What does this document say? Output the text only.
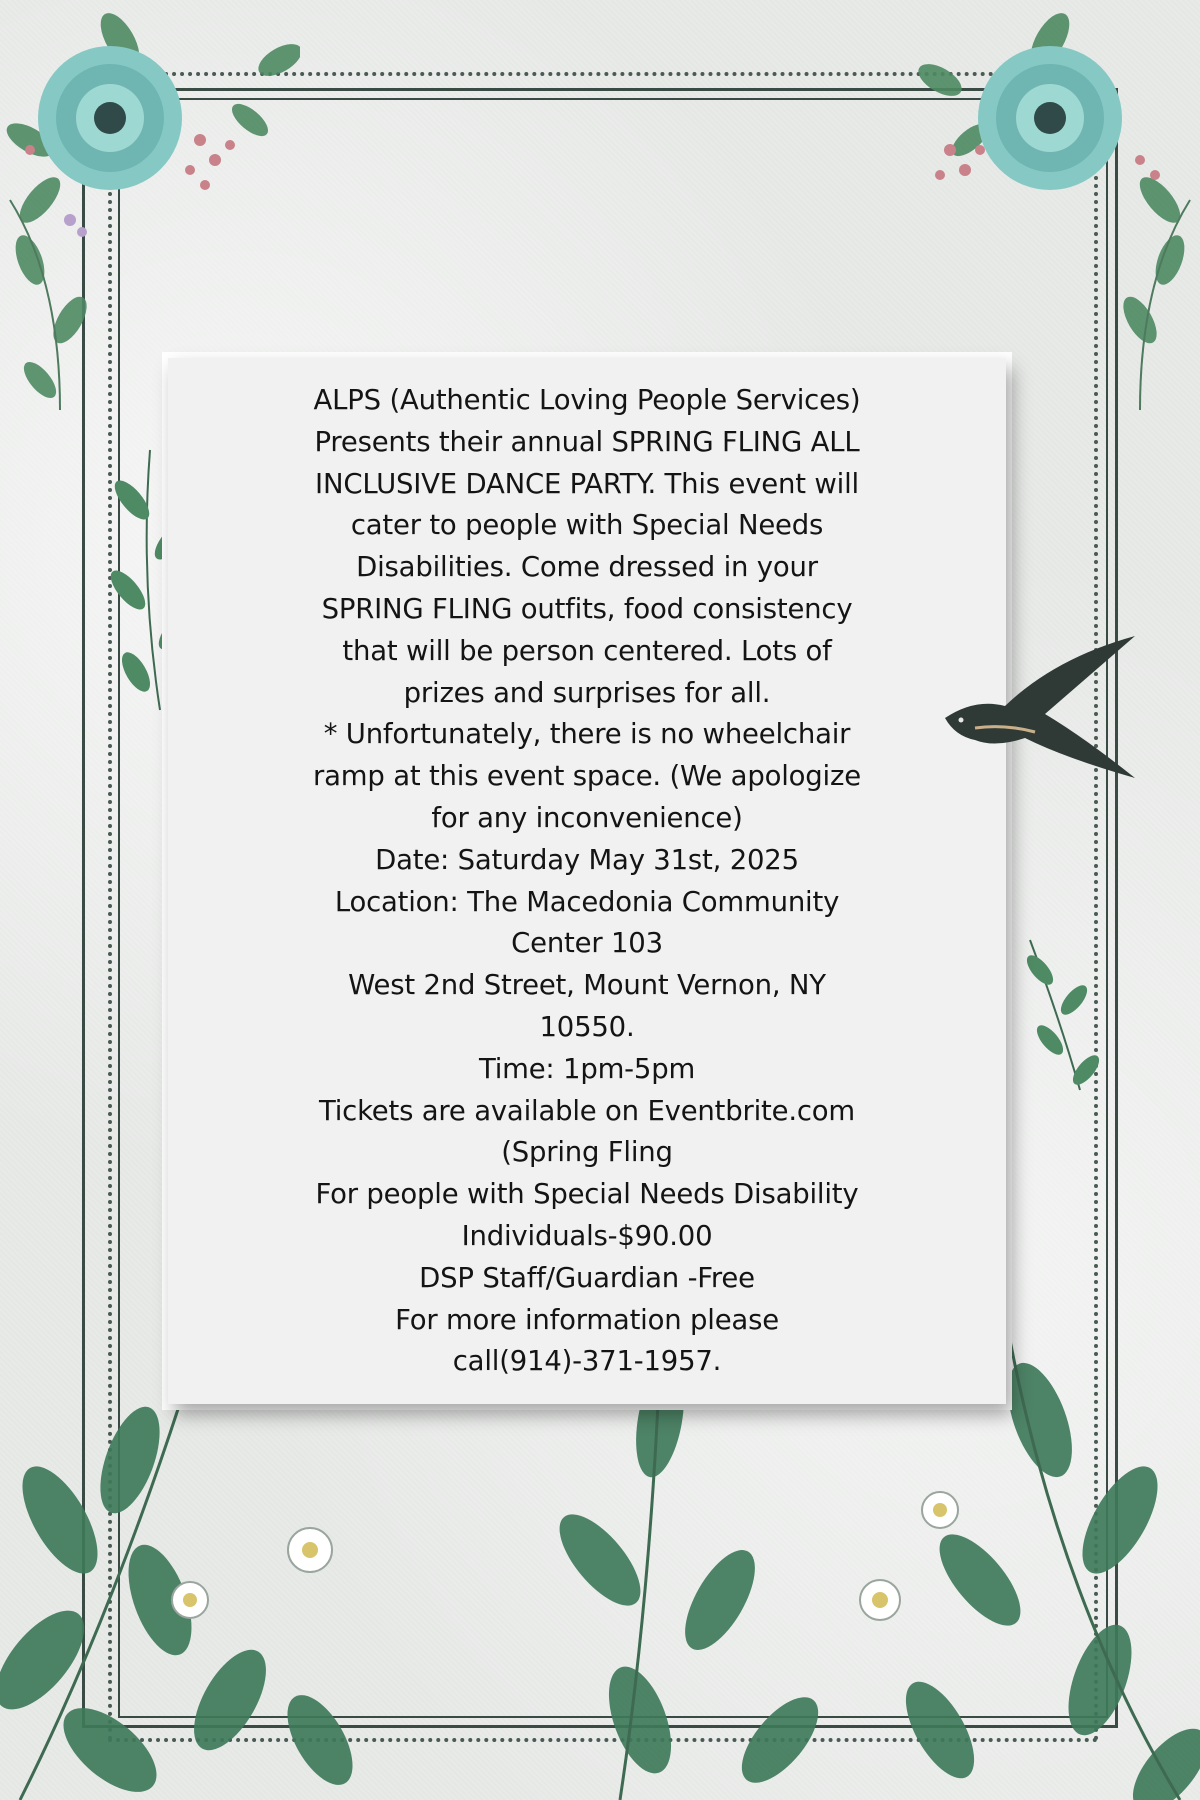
ALPS (Authentic Loving People Services)
Presents their annual SPRING FLING ALL
INCLUSIVE DANCE PARTY. This event will
cater to people with Special Needs
Disabilities. Come dressed in your
SPRING FLING outfits, food consistency
that will be person centered. Lots of
prizes and surprises for all.
* Unfortunately, there is no wheelchair
ramp at this event space. (We apologize
for any inconvenience)
Date: Saturday May 31st, 2025
Location: The Macedonia Community
Center 103
West 2nd Street, Mount Vernon, NY
10550.
Time: 1pm-5pm
Tickets are available on Eventbrite.com
(Spring Fling
For people with Special Needs Disability
Individuals-$90.00
DSP Staff/Guardian -Free
For more information please
call(914)-371-1957.
